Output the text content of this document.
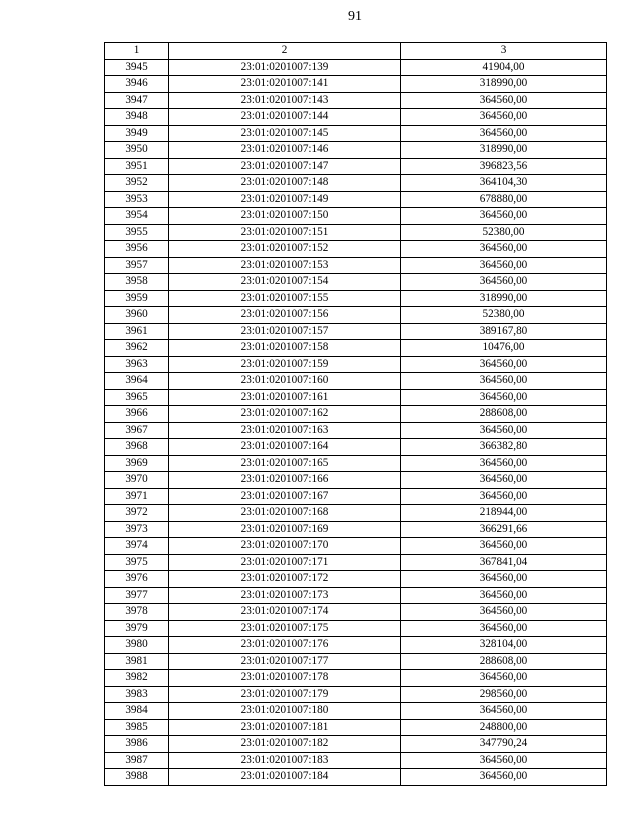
91
1	2	3
3945	23:01:0201007:139	41904,00
3946	23:01:0201007:141	318990,00
3947	23:01:0201007:143	364560,00
3948	23:01:0201007:144	364560,00
3949	23:01:0201007:145	364560,00
3950	23:01:0201007:146	318990,00
3951	23:01:0201007:147	396823,56
3952	23:01:0201007:148	364104,30
3953	23:01:0201007:149	678880,00
3954	23:01:0201007:150	364560,00
3955	23:01:0201007:151	52380,00
3956	23:01:0201007:152	364560,00
3957	23:01:0201007:153	364560,00
3958	23:01:0201007:154	364560,00
3959	23:01:0201007:155	318990,00
3960	23:01:0201007:156	52380,00
3961	23:01:0201007:157	389167,80
3962	23:01:0201007:158	10476,00
3963	23:01:0201007:159	364560,00
3964	23:01:0201007:160	364560,00
3965	23:01:0201007:161	364560,00
3966	23:01:0201007:162	288608,00
3967	23:01:0201007:163	364560,00
3968	23:01:0201007:164	366382,80
3969	23:01:0201007:165	364560,00
3970	23:01:0201007:166	364560,00
3971	23:01:0201007:167	364560,00
3972	23:01:0201007:168	218944,00
3973	23:01:0201007:169	366291,66
3974	23:01:0201007:170	364560,00
3975	23:01:0201007:171	367841,04
3976	23:01:0201007:172	364560,00
3977	23:01:0201007:173	364560,00
3978	23:01:0201007:174	364560,00
3979	23:01:0201007:175	364560,00
3980	23:01:0201007:176	328104,00
3981	23:01:0201007:177	288608,00
3982	23:01:0201007:178	364560,00
3983	23:01:0201007:179	298560,00
3984	23:01:0201007:180	364560,00
3985	23:01:0201007:181	248800,00
3986	23:01:0201007:182	347790,24
3987	23:01:0201007:183	364560,00
3988	23:01:0201007:184	364560,00
